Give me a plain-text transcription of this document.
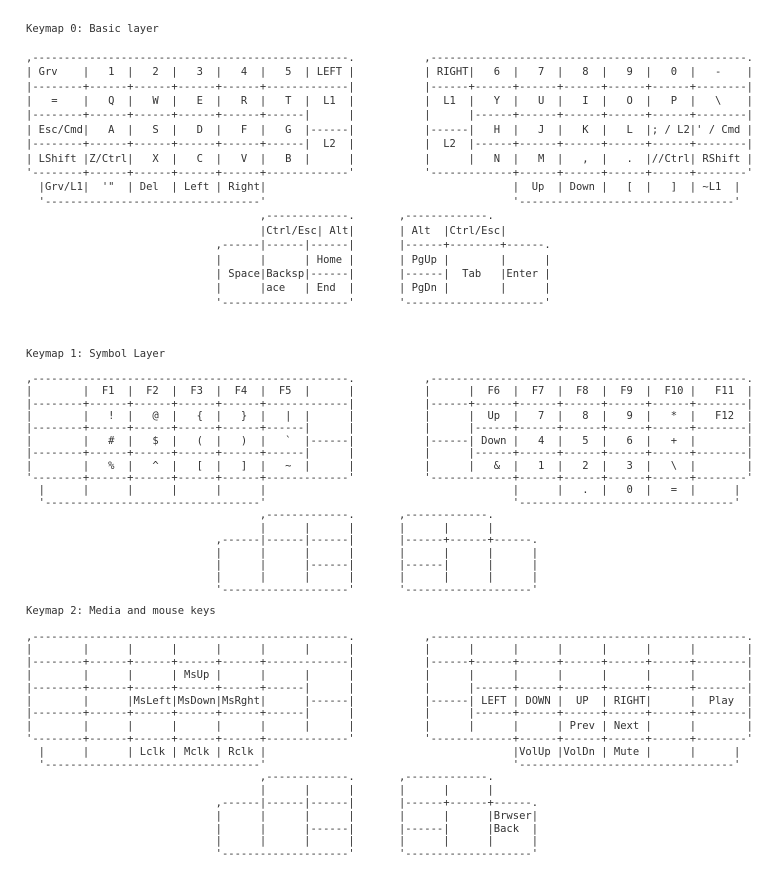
Keymap 0: Basic layer

,--------------------------------------------------.           ,--------------------------------------------------.
| Grv    |   1  |   2  |   3  |   4  |   5  | LEFT |           | RIGHT|   6  |   7  |   8  |   9  |   0  |   -    |
|--------+------+------+------+------+-------------|           |------+------+------+------+------+------+--------|
|   =    |   Q  |   W  |   E  |   R  |   T  |  L1  |           |  L1  |   Y  |   U  |   I  |   O  |   P  |   \    |
|--------+------+------+------+------+------|      |           |      |------+------+------+------+------+--------|
| Esc/Cmd|   A  |   S  |   D  |   F  |   G  |------|           |------|   H  |   J  |   K  |   L  |; / L2|' / Cmd |
|--------+------+------+------+------+------|  L2  |           |  L2  |------+------+------+------+------+--------|
| LShift |Z/Ctrl|   X  |   C  |   V  |   B  |      |           |      |   N  |   M  |   ,  |   .  |//Ctrl| RShift |
'--------+------+------+------+------+-------------'           '-------------+------+------+------+------+--------'
|Grv/L1|  '"  | Del  | Left | Right|                                       |  Up  | Down |   [  |   ]  | ~L1  |
'----------------------------------'                                       '----------------------------------'
,-------------.       ,-------------.
|Ctrl/Esc| Alt|       | Alt  |Ctrl/Esc|
,------|------|------|       |------+--------+------.
|      |      | Home |       | PgUp |        |      |
| Space|Backsp|------|       |------|  Tab   |Enter |
|      |ace   | End  |       | PgDn |        |      |
'--------------------'       '----------------------'
Keymap 1: Symbol Layer

,--------------------------------------------------.           ,--------------------------------------------------.
|        |  F1  |  F2  |  F3  |  F4  |  F5  |      |           |      |  F6  |  F7  |  F8  |  F9  |  F10 |   F11  |
|--------+------+------+------+------+-------------|           |------+------+------+------+------+------+--------|
|        |   !  |   @  |   {  |   }  |   |  |      |           |      |  Up  |   7  |   8  |   9  |   *  |   F12  |
|--------+------+------+------+------+------|      |           |      |------+------+------+------+------+--------|
|        |   #  |   $  |   (  |   )  |   `  |------|           |------| Down |   4  |   5  |   6  |   +  |        |
|--------+------+------+------+------+------|      |           |      |------+------+------+------+------+--------|
|        |   %  |   ^  |   [  |   ]  |   ~  |      |           |      |   &  |   1  |   2  |   3  |   \  |        |
'--------+------+------+------+------+-------------'           '-------------+------+------+------+------+--------'
|      |      |      |      |      |                                       |      |   .  |   0  |   =  |      |
'----------------------------------'                                       '----------------------------------'
,-------------.       ,-------------.
|      |      |       |      |      |
,------|------|------|       |------+------+------.
|      |      |      |       |      |      |      |
|      |      |------|       |------|      |      |
|      |      |      |       |      |      |      |
'--------------------'       '--------------------'
Keymap 2: Media and mouse keys

,--------------------------------------------------.           ,--------------------------------------------------.
|        |      |      |      |      |      |      |           |      |      |      |      |      |      |        |
|--------+------+------+------+------+-------------|           |------+------+------+------+------+------+--------|
|        |      |      | MsUp |      |      |      |           |      |      |      |      |      |      |        |
|--------+------+------+------+------+------|      |           |      |------+------+------+------+------+--------|
|        |      |MsLeft|MsDown|MsRght|      |------|           |------| LEFT | DOWN |  UP  | RIGHT|      |  Play  |
|--------+------+------+------+------+------|      |           |      |------+------+------+------+------+--------|
|        |      |      |      |      |      |      |           |      |      |      | Prev | Next |      |        |
'--------+------+------+------+------+-------------'           '-------------+------+------+------+------+--------'
|      |      | Lclk | Mclk | Rclk |                                       |VolUp |VolDn | Mute |      |      |
'----------------------------------'                                       '----------------------------------'
,-------------.       ,-------------.
|      |      |       |      |      |
,------|------|------|       |------+------+------.
|      |      |      |       |      |      |Brwser|
|      |      |------|       |------|      |Back  |
|      |      |      |       |      |      |      |
'--------------------'       '--------------------'
